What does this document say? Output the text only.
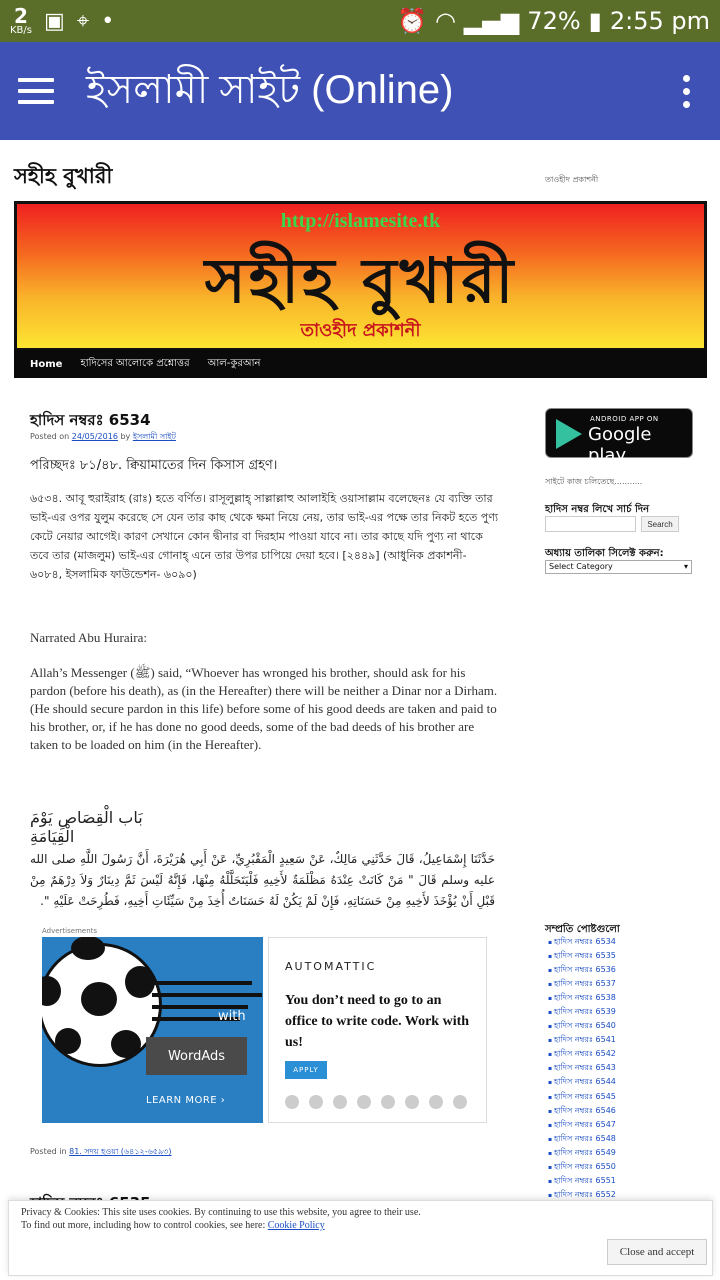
2
KB/s ▣ ⌖ •	⏰ ◠ ▂▄▆ 72% ▮ 2:55 pm
ইসলামী সাইট (Online)
সহীহ বুখারী	তাওহীদ প্রকাশনী
http://islamesite.tk
সহীহ বুখারী
তাওহীদ প্রকাশনী
Home হাদিসের আলোকে প্রশ্নোত্তর আল-কুরআন
হাদিস নম্বরঃ 6534
Posted on 24/05/2016 by ইসলামী সাইট
পরিচ্ছদঃ ৮১/৪৮. ক্বিয়ামাতের দিন কিসাস গ্রহণ।
৬৫৩৪. আবূ হুরাইরাহ (রাঃ) হতে বর্ণিত। রাসূলুল্লাহ্ সাল্লাল্লাহু আলাইহি ওয়াসাল্লাম বলেছেনঃ যে ব্যক্তি তার ভাই-এর ওপর যুলুম করেছে সে যেন তার কাছ থেকে ক্ষমা নিয়ে নেয়, তার ভাই-এর পক্ষে তার নিকট হতে পুণ্য কেটে নেয়ার আগেই। কারণ সেখানে কোন দ্বীনার বা দিরহাম পাওয়া যাবে না। তার কাছে যদি পুণ্য না থাকে তবে তার (মাজলুম) ভাই-এর গোনাহ্ এনে তার উপর চাপিয়ে দেয়া হবে। [২৪৪৯] (আধুনিক প্রকাশনী- ৬০৮৪, ইসলামিক ফাউন্ডেশন- ৬০৯০)
Narrated Abu Huraira:
Allah’s Messenger (ﷺ) said, “Whoever has wronged his brother, should ask for his pardon (before his death), as (in the Hereafter) there will be neither a Dinar nor a Dirham. (He should secure pardon in this life) before some of his good deeds are taken and paid to his brother, or, if he has done no good deeds, some of the bad deeds of his brother are taken to be loaded on him (in the Hereafter).
بَاب الْقِصَاصِ يَوْمَ الْقِيَامَةِ
حَدَّثَنَا إِسْمَاعِيلُ، قَالَ حَدَّثَنِي مَالِكٌ، عَنْ سَعِيدٍ الْمَقْبُرِيِّ، عَنْ أَبِي هُرَيْرَةَ، أَنَّ رَسُولَ اللَّهِ صلى الله عليه وسلم قَالَ " مَنْ كَانَتْ عِنْدَهُ مَظْلَمَةٌ لأَخِيهِ فَلْيَتَحَلَّلْهُ مِنْهَا، فَإِنَّهُ لَيْسَ ثَمَّ دِينَارٌ وَلاَ دِرْهَمٌ مِنْ قَبْلِ أَنْ يُؤْخَذَ لأَخِيهِ مِنْ حَسَنَاتِهِ، فَإِنْ لَمْ يَكُنْ لَهُ حَسَنَاتٌ أُخِذَ مِنْ سَيِّئَاتِ أَخِيهِ، فَطُرِحَتْ عَلَيْهِ ".
Advertisements
with
WordAds
LEARN MORE ›
AUTOMATTIC
You don’t need to go to an office to write code. Work with us!
APPLY
Posted in 81. সদয় হওয়া (৬৪১২-৬৫৯৩)
ANDROID APP ON
Google play
সাইটে কাজ চলিতেছে...........
হাদিস নম্বর লিখে সার্চ দিন
Search
অধ্যায় তালিকা সিলেক্ট করুন:
Select Category	▾
সম্প্রতি পোষ্টগুলো
▪ হাদিস নম্বরঃ 6534
▪ হাদিস নম্বরঃ 6535
▪ হাদিস নম্বরঃ 6536
▪ হাদিস নম্বরঃ 6537
▪ হাদিস নম্বরঃ 6538
▪ হাদিস নম্বরঃ 6539
▪ হাদিস নম্বরঃ 6540
▪ হাদিস নম্বরঃ 6541
▪ হাদিস নম্বরঃ 6542
▪ হাদিস নম্বরঃ 6543
▪ হাদিস নম্বরঃ 6544
▪ হাদিস নম্বরঃ 6545
▪ হাদিস নম্বরঃ 6546
▪ হাদিস নম্বরঃ 6547
▪ হাদিস নম্বরঃ 6548
▪ হাদিস নম্বরঃ 6549
▪ হাদিস নম্বরঃ 6550
▪ হাদিস নম্বরঃ 6551
▪ হাদিস নম্বরঃ 6552
▪
Privacy & Cookies: This site uses cookies. By continuing to use this website, you agree to their use.
To find out more, including how to control cookies, see here: Cookie Policy
Close and accept
